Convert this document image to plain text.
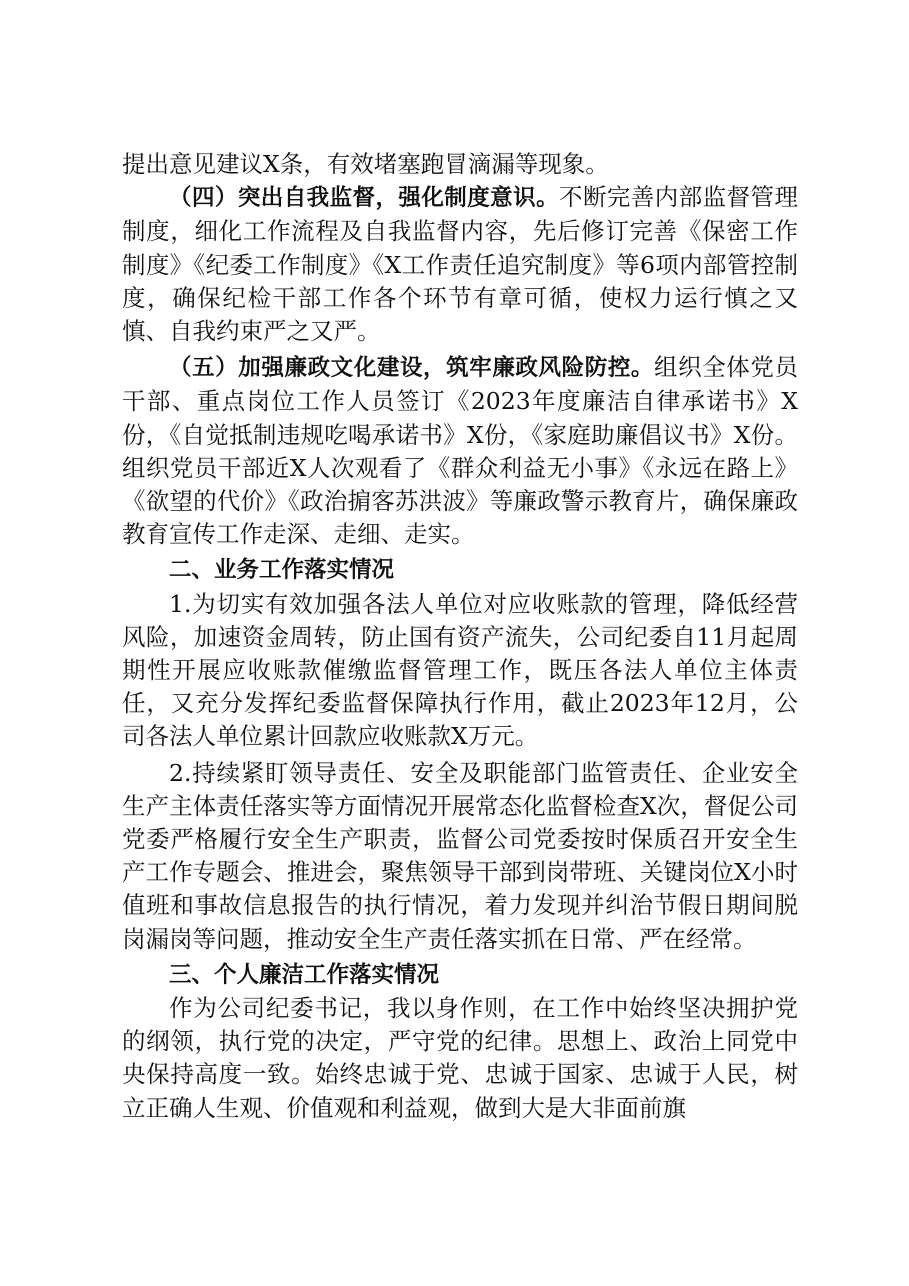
提出意见建议X条，有效堵塞跑冒滴漏等现象。

（四）突出自我监督，强化制度意识。不断完善内部监督管理制度，细化工作流程及自我监督内容，先后修订完善《保密工作制度》《纪委工作制度》《X工作责任追究制度》等6项内部管控制度，确保纪检干部工作各个环节有章可循，使权力运行慎之又慎、自我约束严之又严。

（五）加强廉政文化建设，筑牢廉政风险防控。组织全体党员干部、重点岗位工作人员签订《2023年度廉洁自律承诺书》X份，《自觉抵制违规吃喝承诺书》X份，《家庭助廉倡议书》X份。组织党员干部近X人次观看了《群众利益无小事》《永远在路上》《欲望的代价》《政治掮客苏洪波》等廉政警示教育片，确保廉政教育宣传工作走深、走细、走实。

二、业务工作落实情况

1.为切实有效加强各法人单位对应收账款的管理，降低经营风险，加速资金周转，防止国有资产流失，公司纪委自11月起周期性开展应收账款催缴监督管理工作，既压各法人单位主体责任，又充分发挥纪委监督保障执行作用，截止2023年12月，公司各法人单位累计回款应收账款X万元。

2.持续紧盯领导责任、安全及职能部门监管责任、企业安全生产主体责任落实等方面情况开展常态化监督检查X次，督促公司党委严格履行安全生产职责，监督公司党委按时保质召开安全生产工作专题会、推进会，聚焦领导干部到岗带班、关键岗位X小时值班和事故信息报告的执行情况，着力发现并纠治节假日期间脱岗漏岗等问题，推动安全生产责任落实抓在日常、严在经常。

三、个人廉洁工作落实情况

作为公司纪委书记，我以身作则，在工作中始终坚决拥护党的纲领，执行党的决定，严守党的纪律。思想上、政治上同党中央保持高度一致。始终忠诚于党、忠诚于国家、忠诚于人民，树立正确人生观、价值观和利益观，做到大是大非面前旗
